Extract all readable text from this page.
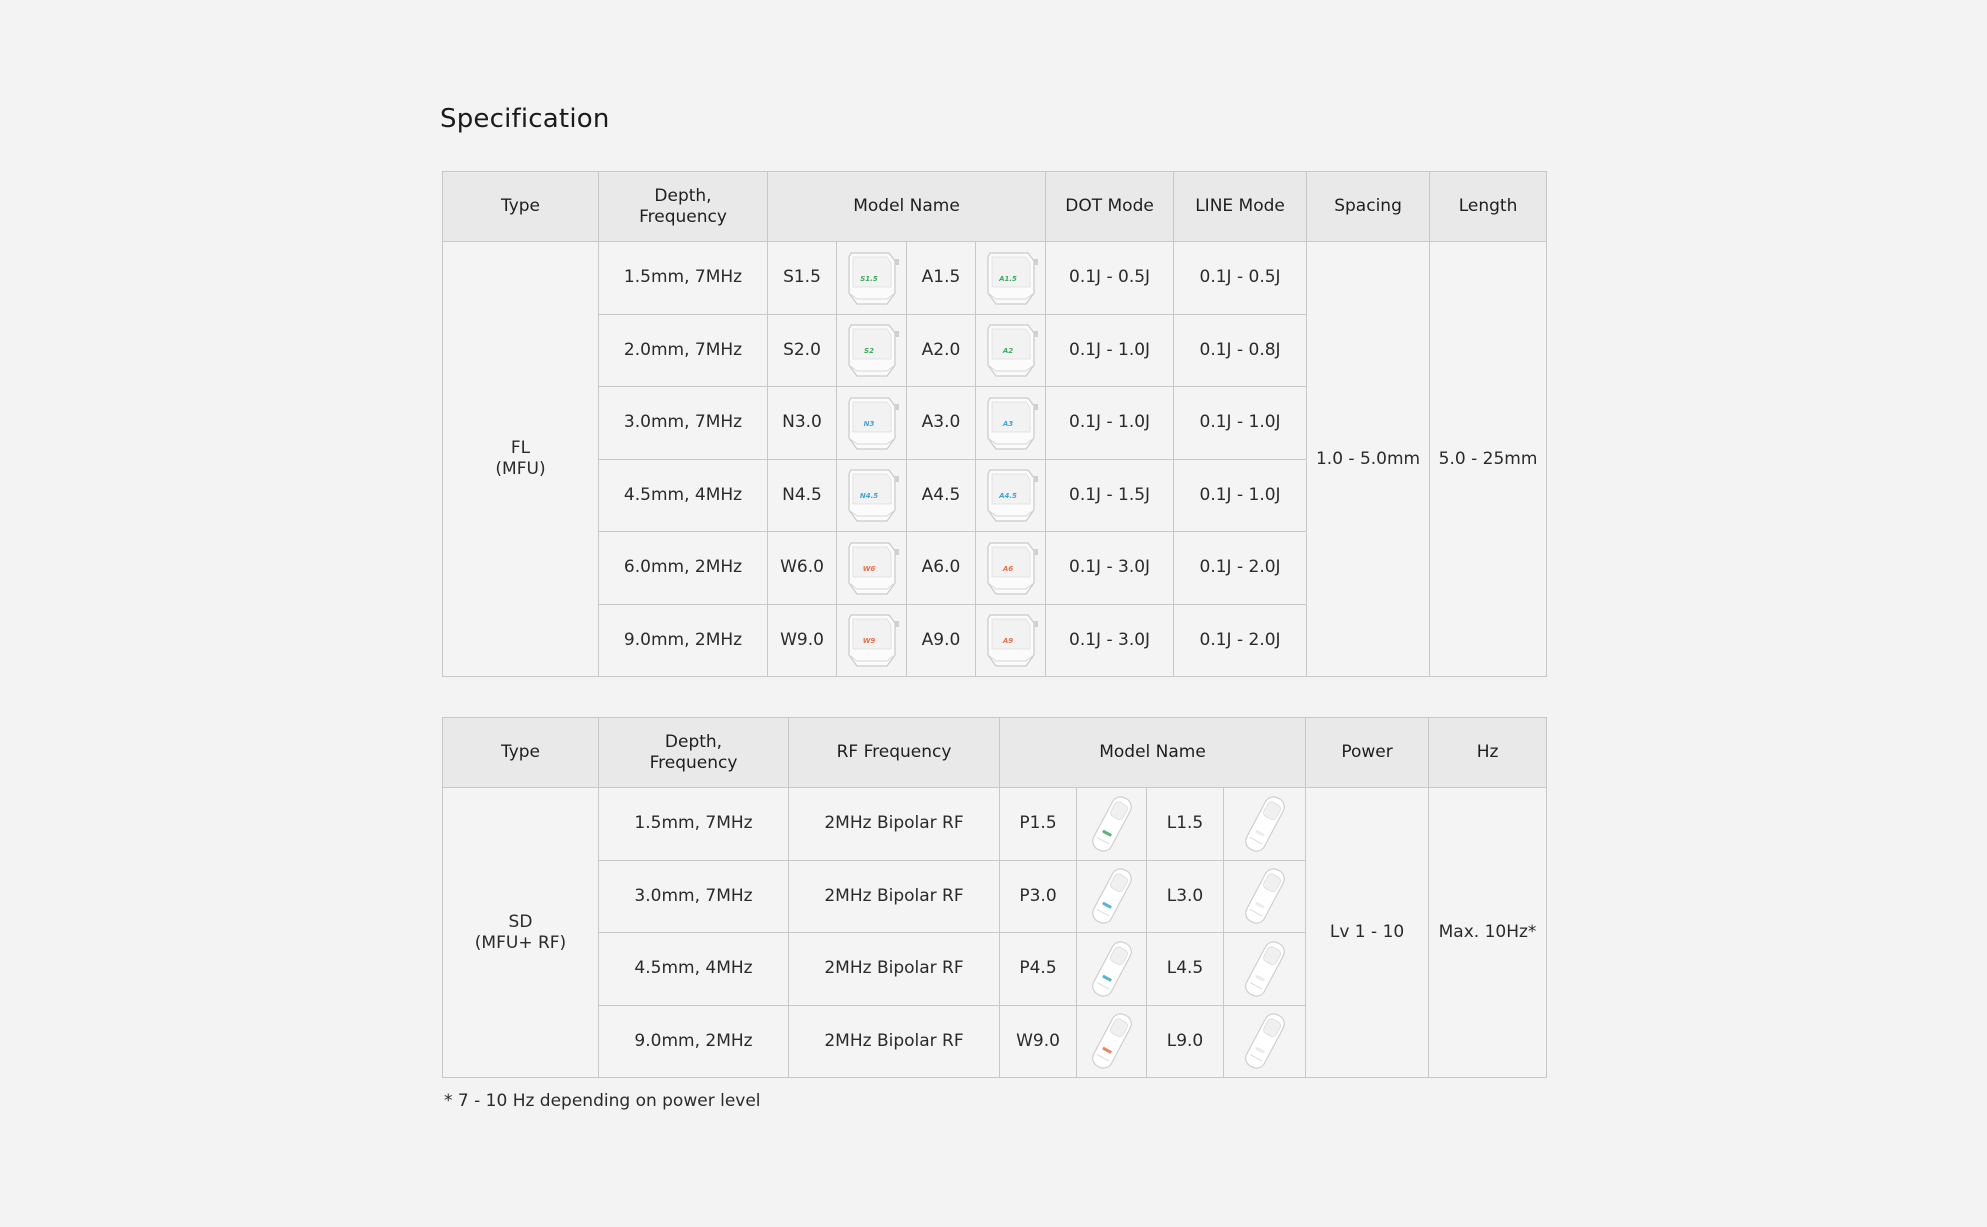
Specification
Type	Depth,
Frequency	Model Name				DOT Mode	LINE Mode	Spacing	Length
FL
(MFU)	1.5mm, 7MHz	S1.5	S1.5	A1.5	A1.5	0.1J - 0.5J	0.1J - 0.5J	1.0 - 5.0mm	5.0 - 25mm
	2.0mm, 7MHz	S2.0	S2	A2.0	A2	0.1J - 1.0J	0.1J - 0.8J		
	3.0mm, 7MHz	N3.0	N3	A3.0	A3	0.1J - 1.0J	0.1J - 1.0J		
	4.5mm, 4MHz	N4.5	N4.5	A4.5	A4.5	0.1J - 1.5J	0.1J - 1.0J		
	6.0mm, 2MHz	W6.0	W6	A6.0	A6	0.1J - 3.0J	0.1J - 2.0J		
	9.0mm, 2MHz	W9.0	W9	A9.0	A9	0.1J - 3.0J	0.1J - 2.0J		
Type	Depth,
Frequency	RF Frequency	Model Name				Power	Hz
SD
(MFU+ RF)	1.5mm, 7MHz	2MHz Bipolar RF	P1.5		L1.5		Lv 1 - 10	Max. 10Hz*
	3.0mm, 7MHz	2MHz Bipolar RF	P3.0		L3.0	

	4.5mm, 4MHz	2MHz Bipolar RF	P4.5		L4.5	

	9.0mm, 2MHz	2MHz Bipolar RF	W9.0		L9.0	
* 7 - 10 Hz depending on power level
